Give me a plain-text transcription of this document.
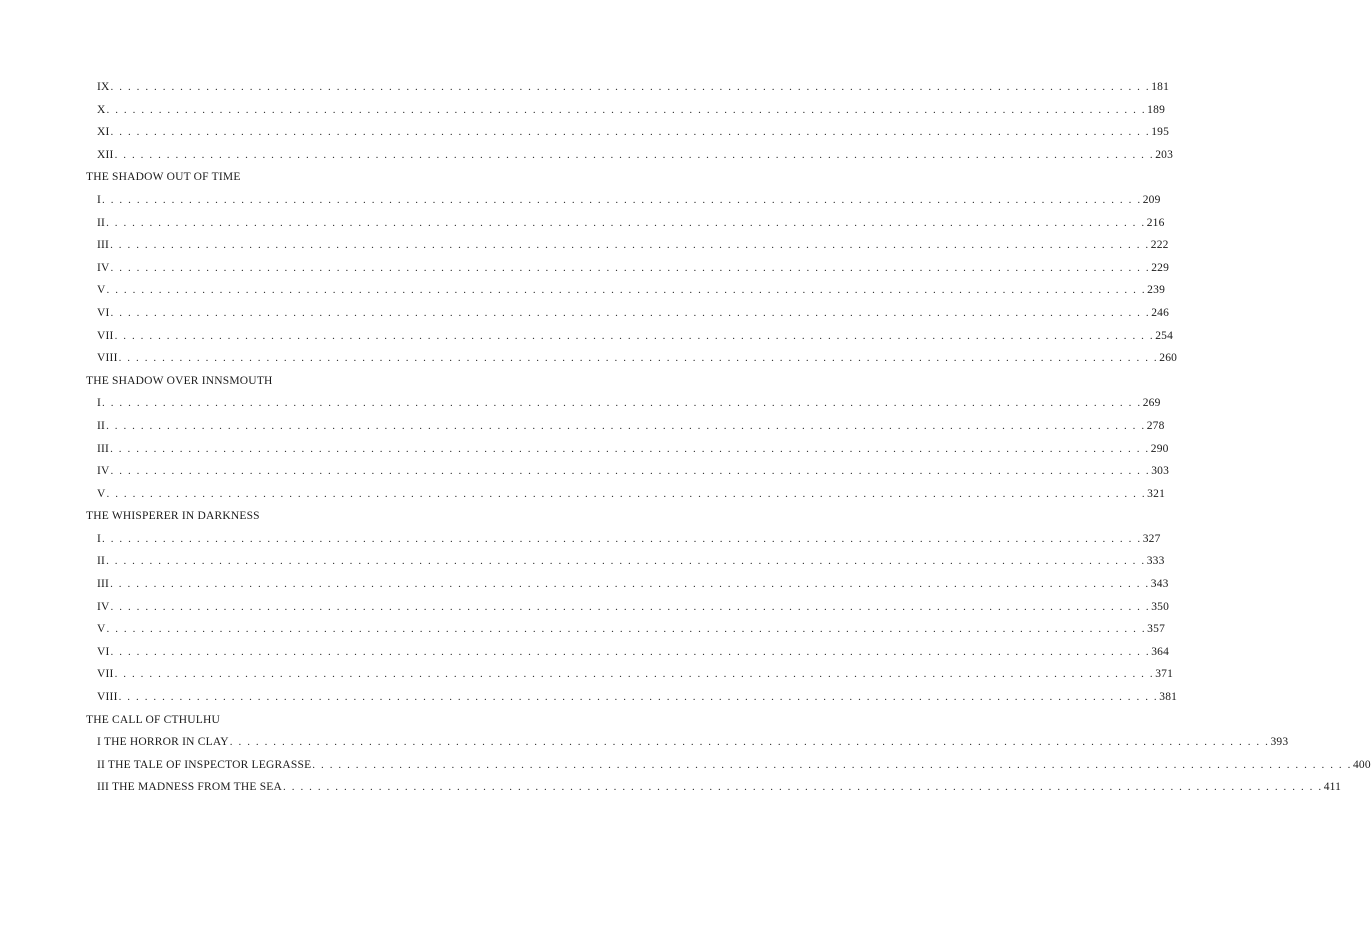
IX . . . . . . . . . . . . . . . . . . . . . . . . . . . . . . . . . . . . . . . . . . . . . . . . . . . . . . . . . . . . . . . . . . . . . . . . . . . . . . . . . . . . . . . . . . . . . . . . . . . . . . . . . . . . . . . . . . . . . . . . 181
X . . . . . . . . . . . . . . . . . . . . . . . . . . . . . . . . . . . . . . . . . . . . . . . . . . . . . . . . . . . . . . . . . . . . . . . . . . . . . . . . . . . . . . . . . . . . . . . . . . . . . . . . . . . . . . . . . . . . . . . . 189
XI . . . . . . . . . . . . . . . . . . . . . . . . . . . . . . . . . . . . . . . . . . . . . . . . . . . . . . . . . . . . . . . . . . . . . . . . . . . . . . . . . . . . . . . . . . . . . . . . . . . . . . . . . . . . . . . . . . . . . . . . 195
XII . . . . . . . . . . . . . . . . . . . . . . . . . . . . . . . . . . . . . . . . . . . . . . . . . . . . . . . . . . . . . . . . . . . . . . . . . . . . . . . . . . . . . . . . . . . . . . . . . . . . . . . . . . . . . . . . . . . . . . . . 203
THE SHADOW OUT OF TIME
I . . . . . . . . . . . . . . . . . . . . . . . . . . . . . . . . . . . . . . . . . . . . . . . . . . . . . . . . . . . . . . . . . . . . . . . . . . . . . . . . . . . . . . . . . . . . . . . . . . . . . . . . . . . . . . . . . . . . . . . . 209
II . . . . . . . . . . . . . . . . . . . . . . . . . . . . . . . . . . . . . . . . . . . . . . . . . . . . . . . . . . . . . . . . . . . . . . . . . . . . . . . . . . . . . . . . . . . . . . . . . . . . . . . . . . . . . . . . . . . . . . . . 216
III . . . . . . . . . . . . . . . . . . . . . . . . . . . . . . . . . . . . . . . . . . . . . . . . . . . . . . . . . . . . . . . . . . . . . . . . . . . . . . . . . . . . . . . . . . . . . . . . . . . . . . . . . . . . . . . . . . . . . . . . 222
IV . . . . . . . . . . . . . . . . . . . . . . . . . . . . . . . . . . . . . . . . . . . . . . . . . . . . . . . . . . . . . . . . . . . . . . . . . . . . . . . . . . . . . . . . . . . . . . . . . . . . . . . . . . . . . . . . . . . . . . . . 229
V . . . . . . . . . . . . . . . . . . . . . . . . . . . . . . . . . . . . . . . . . . . . . . . . . . . . . . . . . . . . . . . . . . . . . . . . . . . . . . . . . . . . . . . . . . . . . . . . . . . . . . . . . . . . . . . . . . . . . . . . 239
VI . . . . . . . . . . . . . . . . . . . . . . . . . . . . . . . . . . . . . . . . . . . . . . . . . . . . . . . . . . . . . . . . . . . . . . . . . . . . . . . . . . . . . . . . . . . . . . . . . . . . . . . . . . . . . . . . . . . . . . . . 246
VII . . . . . . . . . . . . . . . . . . . . . . . . . . . . . . . . . . . . . . . . . . . . . . . . . . . . . . . . . . . . . . . . . . . . . . . . . . . . . . . . . . . . . . . . . . . . . . . . . . . . . . . . . . . . . . . . . . . . . . . . 254
VIII . . . . . . . . . . . . . . . . . . . . . . . . . . . . . . . . . . . . . . . . . . . . . . . . . . . . . . . . . . . . . . . . . . . . . . . . . . . . . . . . . . . . . . . . . . . . . . . . . . . . . . . . . . . . . . . . . . . . . . . . 260
THE SHADOW OVER INNSMOUTH
I . . . . . . . . . . . . . . . . . . . . . . . . . . . . . . . . . . . . . . . . . . . . . . . . . . . . . . . . . . . . . . . . . . . . . . . . . . . . . . . . . . . . . . . . . . . . . . . . . . . . . . . . . . . . . . . . . . . . . . . . 269
II . . . . . . . . . . . . . . . . . . . . . . . . . . . . . . . . . . . . . . . . . . . . . . . . . . . . . . . . . . . . . . . . . . . . . . . . . . . . . . . . . . . . . . . . . . . . . . . . . . . . . . . . . . . . . . . . . . . . . . . . 278
III . . . . . . . . . . . . . . . . . . . . . . . . . . . . . . . . . . . . . . . . . . . . . . . . . . . . . . . . . . . . . . . . . . . . . . . . . . . . . . . . . . . . . . . . . . . . . . . . . . . . . . . . . . . . . . . . . . . . . . . . 290
IV . . . . . . . . . . . . . . . . . . . . . . . . . . . . . . . . . . . . . . . . . . . . . . . . . . . . . . . . . . . . . . . . . . . . . . . . . . . . . . . . . . . . . . . . . . . . . . . . . . . . . . . . . . . . . . . . . . . . . . . . 303
V . . . . . . . . . . . . . . . . . . . . . . . . . . . . . . . . . . . . . . . . . . . . . . . . . . . . . . . . . . . . . . . . . . . . . . . . . . . . . . . . . . . . . . . . . . . . . . . . . . . . . . . . . . . . . . . . . . . . . . . . 321
THE WHISPERER IN DARKNESS
I . . . . . . . . . . . . . . . . . . . . . . . . . . . . . . . . . . . . . . . . . . . . . . . . . . . . . . . . . . . . . . . . . . . . . . . . . . . . . . . . . . . . . . . . . . . . . . . . . . . . . . . . . . . . . . . . . . . . . . . . 327
II . . . . . . . . . . . . . . . . . . . . . . . . . . . . . . . . . . . . . . . . . . . . . . . . . . . . . . . . . . . . . . . . . . . . . . . . . . . . . . . . . . . . . . . . . . . . . . . . . . . . . . . . . . . . . . . . . . . . . . . . 333
III . . . . . . . . . . . . . . . . . . . . . . . . . . . . . . . . . . . . . . . . . . . . . . . . . . . . . . . . . . . . . . . . . . . . . . . . . . . . . . . . . . . . . . . . . . . . . . . . . . . . . . . . . . . . . . . . . . . . . . . . 343
IV . . . . . . . . . . . . . . . . . . . . . . . . . . . . . . . . . . . . . . . . . . . . . . . . . . . . . . . . . . . . . . . . . . . . . . . . . . . . . . . . . . . . . . . . . . . . . . . . . . . . . . . . . . . . . . . . . . . . . . . . 350
V . . . . . . . . . . . . . . . . . . . . . . . . . . . . . . . . . . . . . . . . . . . . . . . . . . . . . . . . . . . . . . . . . . . . . . . . . . . . . . . . . . . . . . . . . . . . . . . . . . . . . . . . . . . . . . . . . . . . . . . . 357
VI . . . . . . . . . . . . . . . . . . . . . . . . . . . . . . . . . . . . . . . . . . . . . . . . . . . . . . . . . . . . . . . . . . . . . . . . . . . . . . . . . . . . . . . . . . . . . . . . . . . . . . . . . . . . . . . . . . . . . . . . 364
VII . . . . . . . . . . . . . . . . . . . . . . . . . . . . . . . . . . . . . . . . . . . . . . . . . . . . . . . . . . . . . . . . . . . . . . . . . . . . . . . . . . . . . . . . . . . . . . . . . . . . . . . . . . . . . . . . . . . . . . . . 371
VIII . . . . . . . . . . . . . . . . . . . . . . . . . . . . . . . . . . . . . . . . . . . . . . . . . . . . . . . . . . . . . . . . . . . . . . . . . . . . . . . . . . . . . . . . . . . . . . . . . . . . . . . . . . . . . . . . . . . . . . . . 381
THE CALL OF CTHULHU
I THE HORROR IN CLAY . . . . . . . . . . . . . . . . . . . . . . . . . . . . . . . . . . . . . . . . . . . . . . . . . . . . . . . . . . . . . . . . . . . . . . . . . . . . . . . . . . . . . . . . . . . . . . . . . . . . . . . . . . . . . . . . . . . . . . . . 393
II THE TALE OF INSPECTOR LEGRASSE . . . . . . . . . . . . . . . . . . . . . . . . . . . . . . . . . . . . . . . . . . . . . . . . . . . . . . . . . . . . . . . . . . . . . . . . . . . . . . . . . . . . . . . . . . . . . . . . . . . . . . . . . . . . . . . . . . . . . . . . 400
III THE MADNESS FROM THE SEA . . . . . . . . . . . . . . . . . . . . . . . . . . . . . . . . . . . . . . . . . . . . . . . . . . . . . . . . . . . . . . . . . . . . . . . . . . . . . . . . . . . . . . . . . . . . . . . . . . . . . . . . . . . . . . . . . . . . . . . . 411
